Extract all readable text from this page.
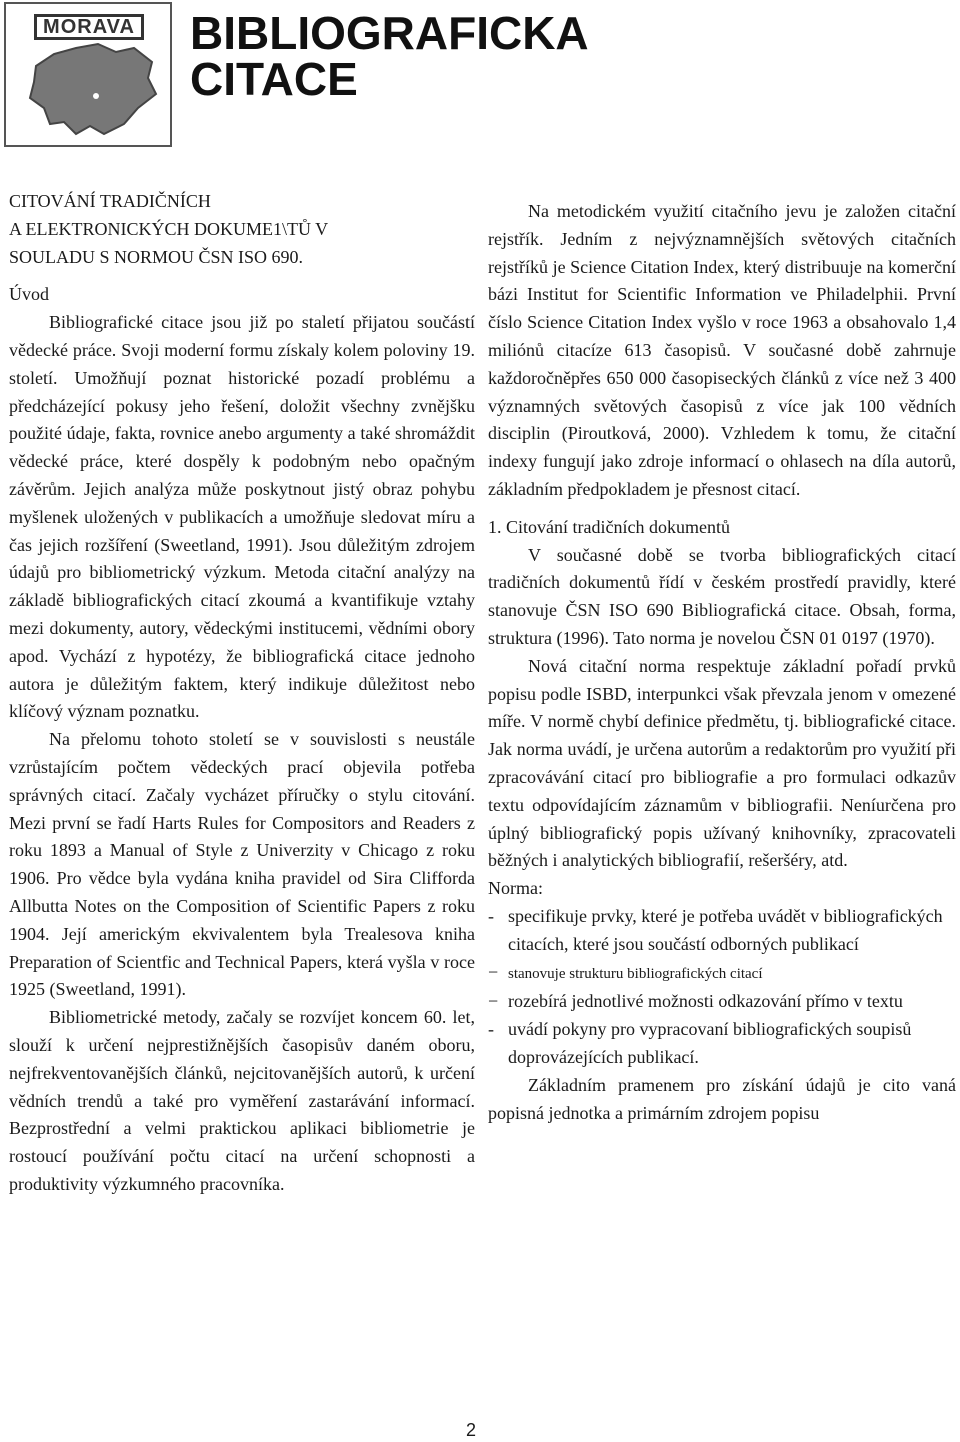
MORAVA BIBLIOGRAFICKA
CITACE

CITOVÁNÍ TRADIČNÍCH
A ELEKTRONICKÝCH DOKUME1\TŮ V
SOULADU S NORMOU ČSN ISO 690.

Úvod

Bibliografické citace jsou již po staletí přijatou součástí vědecké práce. Svoji moderní formu získaly kolem poloviny 19. století. Umožňují poznat historické pozadí problému a předcházející pokusy jeho řešení, doložit všechny zvnějšku použité údaje, fakta, rovnice anebo argumenty a také shromáždit vědecké práce, které dospěly k podobným nebo opačným závěrům. Jejich analýza může poskytnout jistý obraz pohybu myšlenek uložených v publikacích a umožňuje sledovat míru a čas jejich rozšíření (Sweetland, 1991). Jsou důležitým zdrojem údajů pro bibliometrický výzkum. Metoda citační analýzy na základě bibliografických citací zkoumá a kvantifikuje vztahy mezi dokumenty, autory, vědeckými institucemi, vědními obory apod. Vychází z hypotézy, že bibliografická citace jednoho autora je důležitým faktem, který indikuje důležitost nebo klíčový význam poznatku.

Na přelomu tohoto století se v souvislosti s neustále vzrůstajícím počtem vědeckých prací objevila potřeba správných citací. Začaly vycházet příručky o stylu citování. Mezi první se řadí Harts Rules for Compositors and Readers z roku 1893 a Manual of Style z Univerzity v Chicago z roku 1906. Pro vědce byla vydána kniha pravidel od Sira Clifforda Allbutta Notes on the Composition of Scientific Papers z roku 1904. Její americkým ekvivalentem byla Trealesova kniha Preparation of Scientfic and Technical Papers, která vyšla v roce 1925 (Sweetland, 1991).

Bibliometrické metody, začaly se rozvíjet koncem 60. let, slouží k určení nejprestižnějších časopisův daném oboru, nejfrekventovanějších článků, nejcitovanějších autorů, k určení vědních trendů a také pro vyměření zastarávání informací. Bezprostřední a velmi praktickou aplikaci bibliometrie je rostoucí používání počtu citací na určení schopnosti a produktivity výzkumného pracovníka.

Na metodickém využití citačního jevu je založen citační rejstřík. Jedním z nejvýznamnějších světových citačních rejstříků je Science Citation Index, který distribuuje na komerční bázi Institut for Scientific Information ve Philadelphii. První číslo Science Citation Index vyšlo v roce 1963 a obsahovalo 1,4 miliónů citacíze 613 časopisů. V současné době zahrnuje každoročněpřes 650 000 časopiseckých článků z více než 3 400 významných světových časopisů z více jak 100 vědních disciplin (Piroutková, 2000). Vzhledem k tomu, že citační indexy fungují jako zdroje informací o ohlasech na díla autorů, základním předpokladem je přesnost citací.

1. Citování tradičních dokumentů

V současné době se tvorba bibliografických citací tradičních dokumentů řídí v českém prostředí pravidly, které stanovuje ČSN ISO 690 Bibliografická citace. Obsah, forma, struktura (1996). Tato norma je novelou ČSN 01 0197 (1970).

Nová citační norma respektuje základní pořadí prvků popisu podle ISBD, interpunkci však převzala jenom v omezené míře. V normě chybí definice předmětu, tj. bibliografické citace. Jak norma uvádí, je určena autorům a redaktorům pro využití při zpracovávání citací pro bibliografie a pro formulaci odkazův textu odpovídajícím záznamům v bibliografii. Neníurčena pro úplný bibliografický popis užívaný knihovníky, zpracovateli běžných i analytických bibliografií, rešeršéry, atd.

Norma:

- specifikuje prvky, které je potřeba uvádět v bibliografických citacích, které jsou součástí odborných publikací
− stanovuje strukturu bibliografických citací
− rozebírá jednotlivé možnosti odkazování přímo v textu
- uvádí pokyny pro vypracovaní bibliografických soupisů doprovázejících publikací.

Základním pramenem pro získání údajů je cito vaná popisná jednotka a primárním zdrojem popisu

2
